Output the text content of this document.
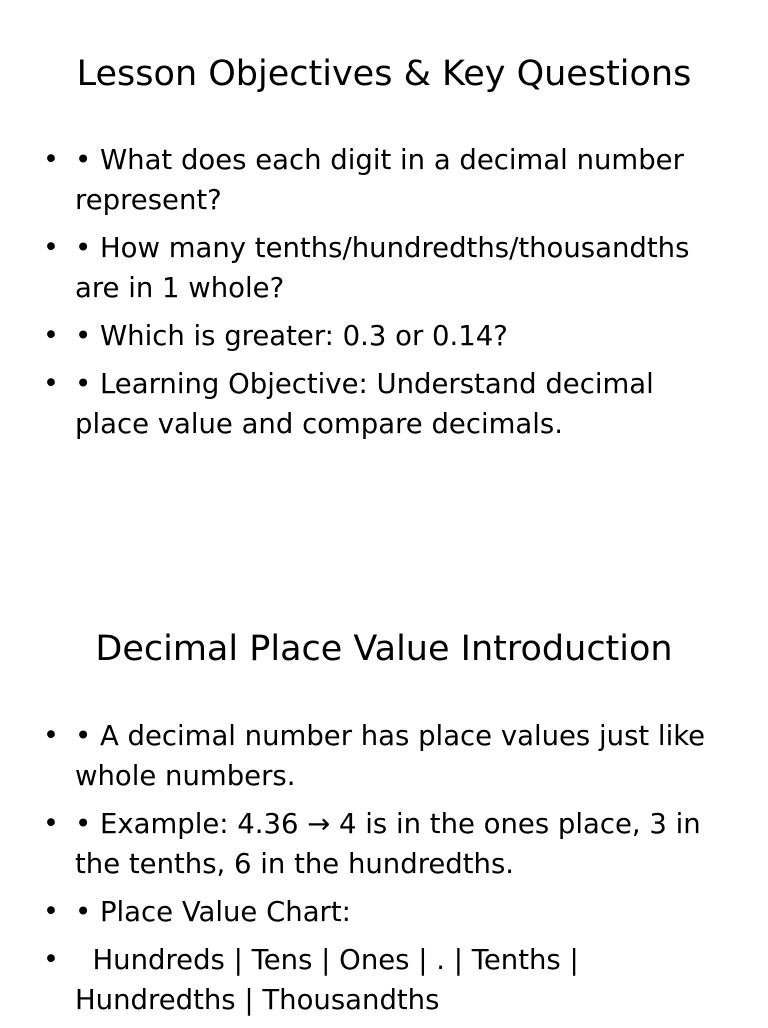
Lesson Objectives & Key Questions
• • What does each digit in a decimal number represent?
• • How many tenths/hundredths/thousandths are in 1 whole?
• • Which is greater: 0.3 or 0.14?
• • Learning Objective: Understand decimal place value and compare decimals.
Decimal Place Value Introduction
• • A decimal number has place values just like whole numbers.
• • Example: 4.36 → 4 is in the ones place, 3 in the tenths, 6 in the hundredths.
• • Place Value Chart:
• Hundreds | Tens | Ones | . | Tenths | Hundredths | Thousandths
